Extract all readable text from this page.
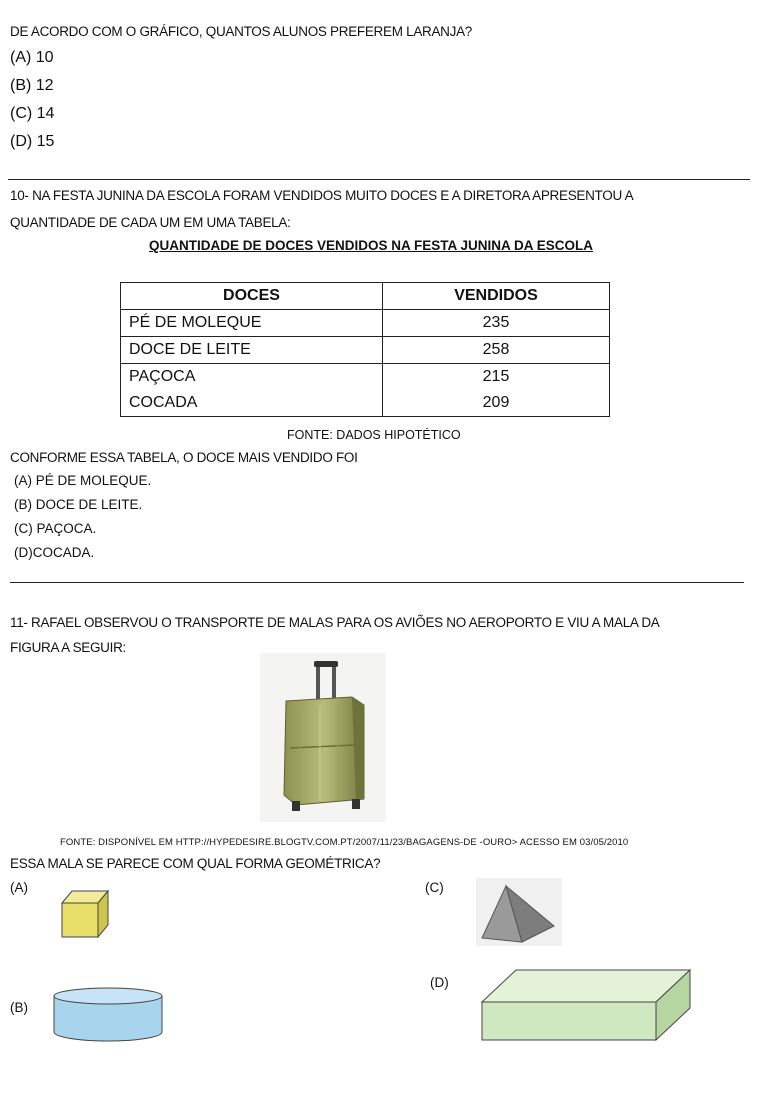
DE ACORDO COM O GRÁFICO, QUANTOS ALUNOS PREFEREM LARANJA?
(A) 10
(B) 12
(C) 14
(D) 15
10- NA FESTA JUNINA DA ESCOLA FORAM VENDIDOS MUITO DOCES E A DIRETORA APRESENTOU A
QUANTIDADE DE CADA UM EM UMA TABELA:
QUANTIDADE DE DOCES VENDIDOS NA FESTA JUNINA DA ESCOLA
DOCES	VENDIDOS
PÉ DE MOLEQUE	235
DOCE DE LEITE	258
PAÇOCA	215
COCADA	209
FONTE: DADOS HIPOTÉTICO
CONFORME ESSA TABELA, O DOCE MAIS VENDIDO FOI
(A) PÉ DE MOLEQUE.
(B) DOCE DE LEITE.
(C) PAÇOCA.
(D)COCADA.
11- RAFAEL OBSERVOU O TRANSPORTE DE MALAS PARA OS AVIÕES NO AEROPORTO E VIU A MALA DA
FIGURA A SEGUIR:
FONTE: DISPONÍVEL EM HTTP://HYPEDESIRE.BLOGTV.COM.PT/2007/11/23/BAGAGENS-DE -OURO> ACESSO EM 03/05/2010
ESSA MALA SE PARECE COM QUAL FORMA GEOMÉTRICA?
(A)
(B)
(C)
(D)
